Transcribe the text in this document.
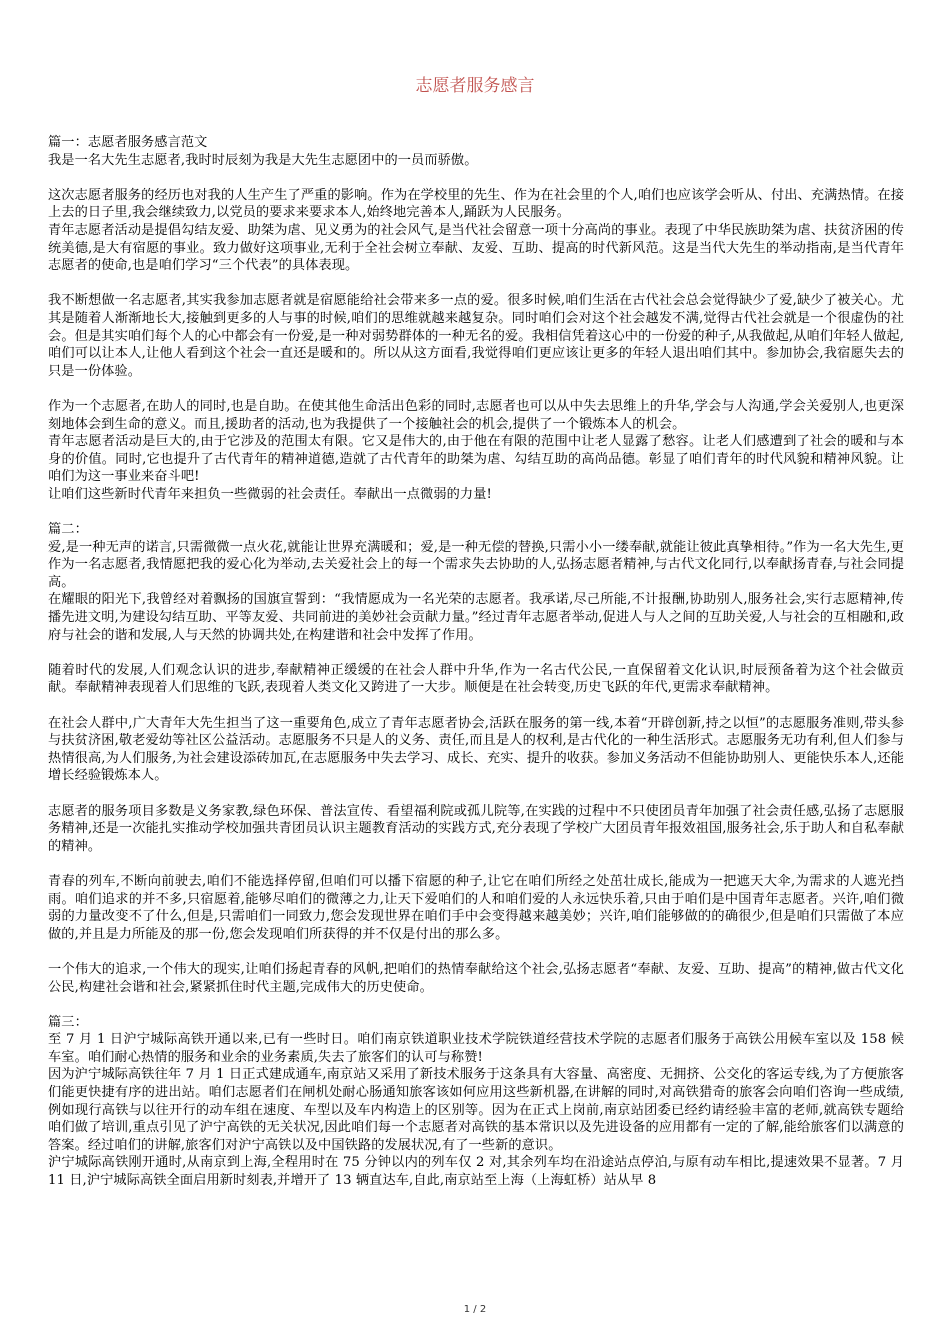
志愿者服务感言

篇一：志愿者服务感言范文

我是一名大先生志愿者,我时时辰刻为我是大先生志愿团中的一员而骄傲。

这次志愿者服务的经历也对我的人生产生了严重的影响。作为在学校里的先生、作为在社会里的个人,咱们也应该学会听从、付出、充满热情。在接上去的日子里,我会继续致力,以党员的要求来要求本人,始终地完善本人,踊跃为人民服务。

青年志愿者活动是提倡勾结友爱、助桀为虐、见义勇为的社会风气,是当代社会留意一项十分高尚的事业。表现了中华民族助桀为虐、扶贫济困的传统美德,是大有宿愿的事业。致力做好这项事业,无利于全社会树立奉献、友爱、互助、提高的时代新风范。这是当代大先生的举动指南,是当代青年志愿者的使命,也是咱们学习“三个代表”的具体表现。

我不断想做一名志愿者,其实我参加志愿者就是宿愿能给社会带来多一点的爱。很多时候,咱们生活在古代社会总会觉得缺少了爱,缺少了被关心。尤其是随着人渐渐地长大,接触到更多的人与事的时候,咱们的思维就越来越复杂。同时咱们会对这个社会越发不满,觉得古代社会就是一个很虚伪的社会。但是其实咱们每个人的心中都会有一份爱,是一种对弱势群体的一种无名的爱。我相信凭着这心中的一份爱的种子,从我做起,从咱们年轻人做起,咱们可以让本人,让他人看到这个社会一直还是暖和的。所以从这方面看,我觉得咱们更应该让更多的年轻人退出咱们其中。参加协会,我宿愿失去的只是一份体验。

作为一个志愿者,在助人的同时,也是自助。在使其他生命活出色彩的同时,志愿者也可以从中失去思维上的升华,学会与人沟通,学会关爱别人,也更深刻地体会到生命的意义。而且,援助者的活动,也为我提供了一个接触社会的机会,提供了一个锻炼本人的机会。

青年志愿者活动是巨大的,由于它涉及的范围太有限。它又是伟大的,由于他在有限的范围中让老人显露了愁容。让老人们感遭到了社会的暖和与本身的价值。同时,它也提升了古代青年的精神道德,造就了古代青年的助桀为虐、勾结互助的高尚品德。彰显了咱们青年的时代风貌和精神风貌。让咱们为这一事业来奋斗吧!

让咱们这些新时代青年来担负一些微弱的社会责任。奉献出一点微弱的力量!

篇二：

爱,是一种无声的诺言,只需微微一点火花,就能让世界充满暖和；爱,是一种无偿的替换,只需小小一缕奉献,就能让彼此真挚相待。”作为一名大先生,更作为一名志愿者,我情愿把我的爱心化为举动,去关爱社会上的每一个需求失去协助的人,弘扬志愿者精神,与古代文化同行,以奉献扬青春,与社会同提高。

在耀眼的阳光下,我曾经对着飘扬的国旗宣誓到：“我情愿成为一名光荣的志愿者。我承诺,尽己所能,不计报酬,协助别人,服务社会,实行志愿精神,传播先进文明,为建设勾结互助、平等友爱、共同前进的美妙社会贡献力量。”经过青年志愿者举动,促进人与人之间的互助关爱,人与社会的互相融和,政府与社会的谐和发展,人与天然的协调共处,在构建谐和社会中发挥了作用。

随着时代的发展,人们观念认识的进步,奉献精神正缓缓的在社会人群中升华,作为一名古代公民,一直保留着文化认识,时辰预备着为这个社会做贡献。奉献精神表现着人们思维的飞跃,表现着人类文化又跨进了一大步。顺便是在社会转变,历史飞跃的年代,更需求奉献精神。

在社会人群中,广大青年大先生担当了这一重要角色,成立了青年志愿者协会,活跃在服务的第一线,本着“开辟创新,持之以恒”的志愿服务准则,带头参与扶贫济困,敬老爱幼等社区公益活动。志愿服务不只是人的义务、责任,而且是人的权利,是古代化的一种生活形式。志愿服务无功有利,但人们参与热情很高,为人们服务,为社会建设添砖加瓦,在志愿服务中失去学习、成长、充实、提升的收获。参加义务活动不但能协助别人、更能快乐本人,还能增长经验锻炼本人。

志愿者的服务项目多数是义务家教,绿色环保、普法宣传、看望福利院或孤儿院等,在实践的过程中不只使团员青年加强了社会责任感,弘扬了志愿服务精神,还是一次能扎实推动学校加强共青团员认识主题教育活动的实践方式,充分表现了学校广大团员青年报效祖国,服务社会,乐于助人和自私奉献的精神。

青春的列车,不断向前驶去,咱们不能选择停留,但咱们可以播下宿愿的种子,让它在咱们所经之处茁壮成长,能成为一把遮天大伞,为需求的人遮光挡雨。咱们追求的并不多,只宿愿着,能够尽咱们的微薄之力,让天下爱咱们的人和咱们爱的人永远快乐着,只由于咱们是中国青年志愿者。兴许,咱们微弱的力量改变不了什么,但是,只需咱们一同致力,您会发现世界在咱们手中会变得越来越美妙；兴许,咱们能够做的的确很少,但是咱们只需做了本应做的,并且是力所能及的那一份,您会发现咱们所获得的并不仅是付出的那么多。

一个伟大的追求,一个伟大的现实,让咱们扬起青春的风帆,把咱们的热情奉献给这个社会,弘扬志愿者“奉献、友爱、互助、提高”的精神,做古代文化公民,构建社会谐和社会,紧紧抓住时代主题,完成伟大的历史使命。

篇三：

至 7 月 1 日沪宁城际高铁开通以来,已有一些时日。咱们南京铁道职业技术学院铁道经营技术学院的志愿者们服务于高铁公用候车室以及 158 候车室。咱们耐心热情的服务和业余的业务素质,失去了旅客们的认可与称赞!

因为沪宁城际高铁往年 7 月 1 日正式建成通车,南京站又采用了新技术服务于这条具有大容量、高密度、无拥挤、公交化的客运专线,为了方便旅客们能更快捷有序的进出站。咱们志愿者们在闸机处耐心肠通知旅客该如何应用这些新机器,在讲解的同时,对高铁猎奇的旅客会向咱们咨询一些成绩,例如现行高铁与以往开行的动车组在速度、车型以及车内构造上的区别等。因为在正式上岗前,南京站团委已经约请经验丰富的老师,就高铁专题给咱们做了培训,重点引见了沪宁高铁的无关状况,因此咱们每一个志愿者对高铁的基本常识以及先进设备的应用都有一定的了解,能给旅客们以满意的答案。经过咱们的讲解,旅客们对沪宁高铁以及中国铁路的发展状况,有了一些新的意识。

沪宁城际高铁刚开通时,从南京到上海,全程用时在 75 分钟以内的列车仅 2 对,其余列车均在沿途站点停泊,与原有动车相比,提速效果不显著。7 月 11 日,沪宁城际高铁全面启用新时刻表,并增开了 13 辆直达车,自此,南京站至上海（上海虹桥）站从早 8

1 / 2
